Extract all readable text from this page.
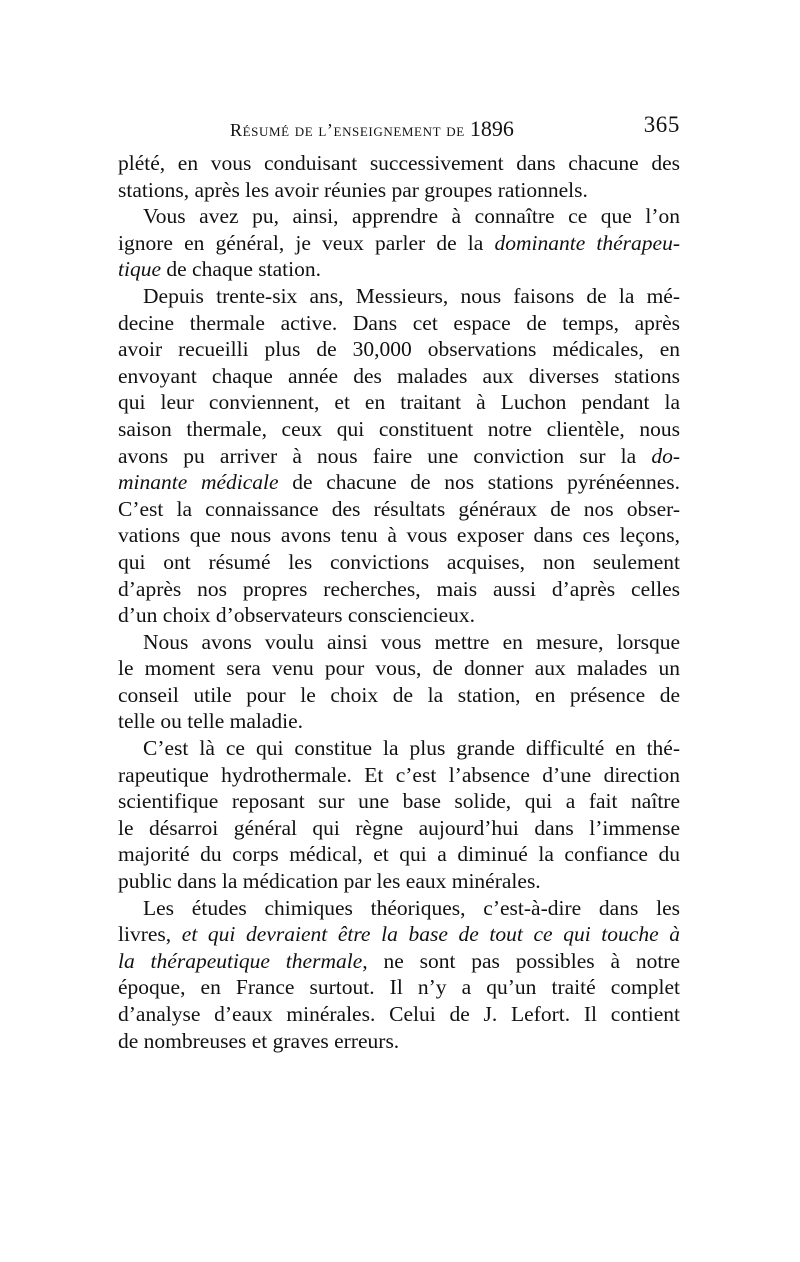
Résumé de l’enseignement de 1896	365

plété, en vous conduisant successivement dans chacune des

stations, après les avoir réunies par groupes rationnels.

Vous avez pu, ainsi, apprendre à connaître ce que l’on

ignore en général, je veux parler de la dominante thérapeu-

tique de chaque station.

Depuis trente-six ans, Messieurs, nous faisons de la mé-

decine thermale active. Dans cet espace de temps, après

avoir recueilli plus de 30,000 observations médicales, en

envoyant chaque année des malades aux diverses stations

qui leur conviennent, et en traitant à Luchon pendant la

saison thermale, ceux qui constituent notre clientèle, nous

avons pu arriver à nous faire une conviction sur la do-

minante médicale de chacune de nos stations pyrénéennes.

C’est la connaissance des résultats généraux de nos obser-

vations que nous avons tenu à vous exposer dans ces leçons,

qui ont résumé les convictions acquises, non seulement

d’après nos propres recherches, mais aussi d’après celles

d’un choix d’observateurs consciencieux.

Nous avons voulu ainsi vous mettre en mesure, lorsque

le moment sera venu pour vous, de donner aux malades un

conseil utile pour le choix de la station, en présence de

telle ou telle maladie.

C’est là ce qui constitue la plus grande difficulté en thé-

rapeutique hydrothermale. Et c’est l’absence d’une direction

scientifique reposant sur une base solide, qui a fait naître

le désarroi général qui règne aujourd’hui dans l’immense

majorité du corps médical, et qui a diminué la confiance du

public dans la médication par les eaux minérales.

Les études chimiques théoriques, c’est-à-dire dans les

livres, et qui devraient être la base de tout ce qui touche à

la thérapeutique thermale, ne sont pas possibles à notre

époque, en France surtout. Il n’y a qu’un traité complet

d’analyse d’eaux minérales. Celui de J. Lefort. Il contient

de nombreuses et graves erreurs.
